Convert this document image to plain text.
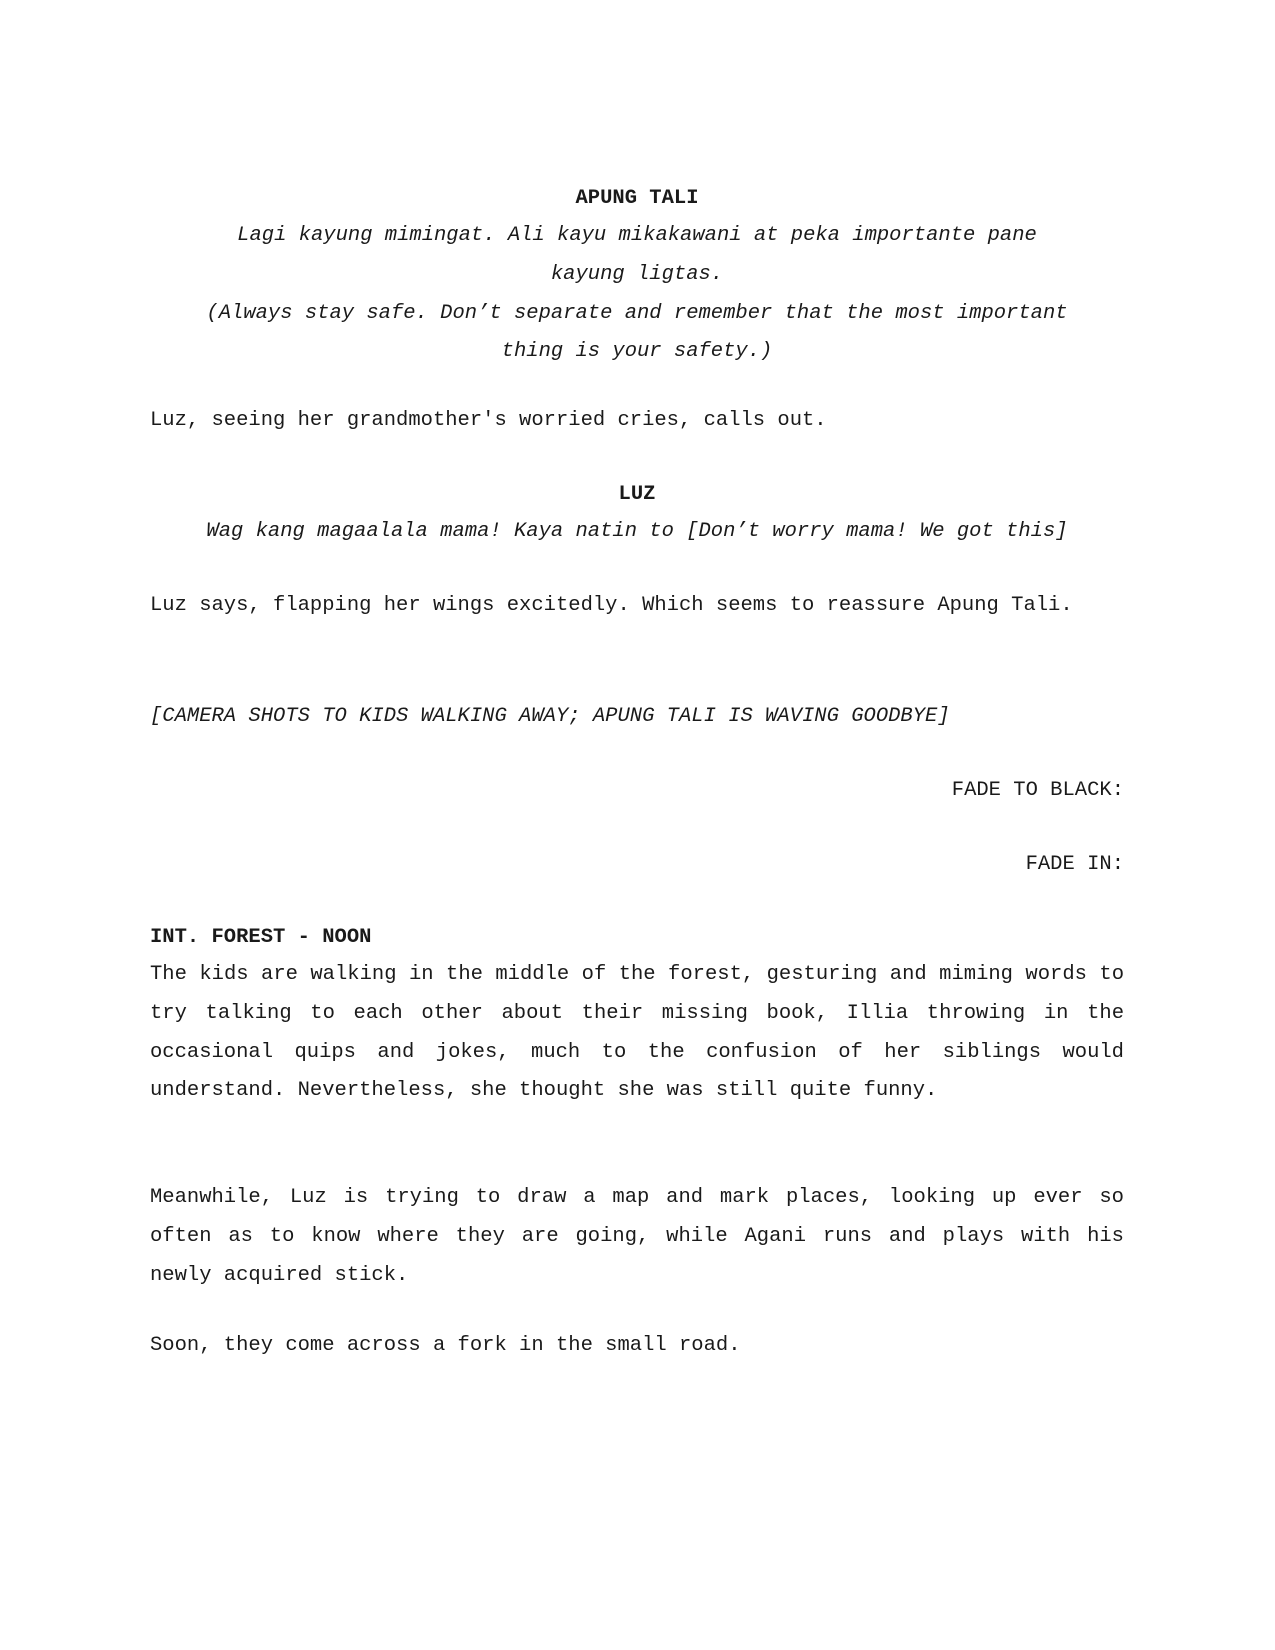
APUNG TALI

Lagi kayung mimingat. Ali kayu mikakawani at peka importante pane
kayung ligtas.
(Always stay safe. Don’t separate and remember that the most important
thing is your safety.)

Luz, seeing her grandmother's worried cries, calls out.

LUZ

Wag kang magaalala mama! Kaya natin to [Don’t worry mama! We got this]

Luz says, flapping her wings excitedly. Which seems to reassure Apung Tali.

[CAMERA SHOTS TO KIDS WALKING AWAY; APUNG TALI IS WAVING GOODBYE]

FADE TO BLACK:

FADE IN:

INT. FOREST - NOON

The kids are walking in the middle of the forest, gesturing and miming words to try talking to each other about their missing book, Illia throwing in the occasional quips and jokes, much to the confusion of her siblings would understand. Nevertheless, she thought she was still quite funny.

Meanwhile, Luz is trying to draw a map and mark places, looking up ever so often as to know where they are going, while Agani runs and plays with his newly acquired stick.

Soon, they come across a fork in the small road.
